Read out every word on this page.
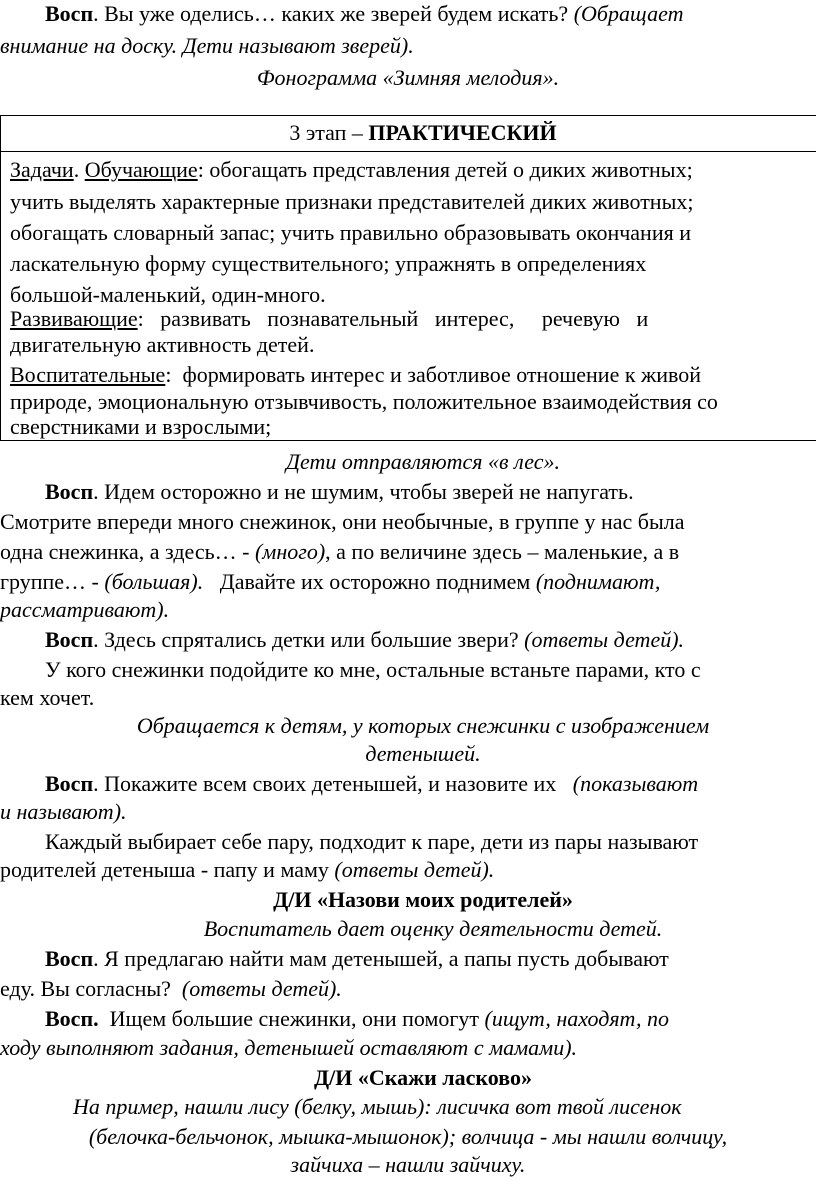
Восп. Вы уже оделись… каких же зверей будем искать? (Обращает
внимание на доску. Дети называют зверей).
Фонограмма «Зимняя мелодия».
3 этап – ПРАКТИЧЕСКИЙ
Задачи. Обучающие: обогащать представления детей о диких животных;
учить выделять характерные признаки представителей диких животных;
обогащать словарный запас; учить правильно образовывать окончания и
ласкательную форму существительного; упражнять в определениях
большой-маленький, один-много.
Развивающие:   развивать   познавательный   интерес,     речевую   и
двигательную активность детей.
Воспитательные:  формировать интерес и заботливое отношение к живой
природе, эмоциональную отзывчивость, положительное взаимодействия со
сверстниками и взрослыми;
Дети отправляются «в лес».
Восп. Идем осторожно и не шумим, чтобы зверей не напугать.
Смотрите впереди много снежинок, они необычные, в группе у нас была
одна снежинка, а здесь… - (много), а по величине здесь – маленькие, а в
группе… - (большая). Давайте их осторожно поднимем (поднимают,
рассматривают).
Восп. Здесь спрятались детки или большие звери? (ответы детей).
У кого снежинки подойдите ко мне, остальные встаньте парами, кто с
кем хочет.
Обращается к детям, у которых снежинки с изображением
детенышей.
Восп. Покажите всем своих детенышей, и назовите их (показывают
и называют).
Каждый выбирает себе пару, подходит к паре, дети из пары называют
родителей детеныша - папу и маму (ответы детей).
Д/И «Назови моих родителей»
Воспитатель дает оценку деятельности детей.
Восп. Я предлагаю найти мам детенышей, а папы пусть добывают
еду. Вы согласны? (ответы детей).
Восп. Ищем большие снежинки, они помогут (ищут, находят, по
ходу выполняют задания, детенышей оставляют с мамами).
Д/И «Скажи ласково»
На пример, нашли лису (белку, мышь): лисичка вот твой лисенок
(белочка-бельчонок, мышка-мышонок); волчица - мы нашли волчицу,
зайчиха – нашли зайчиху.
